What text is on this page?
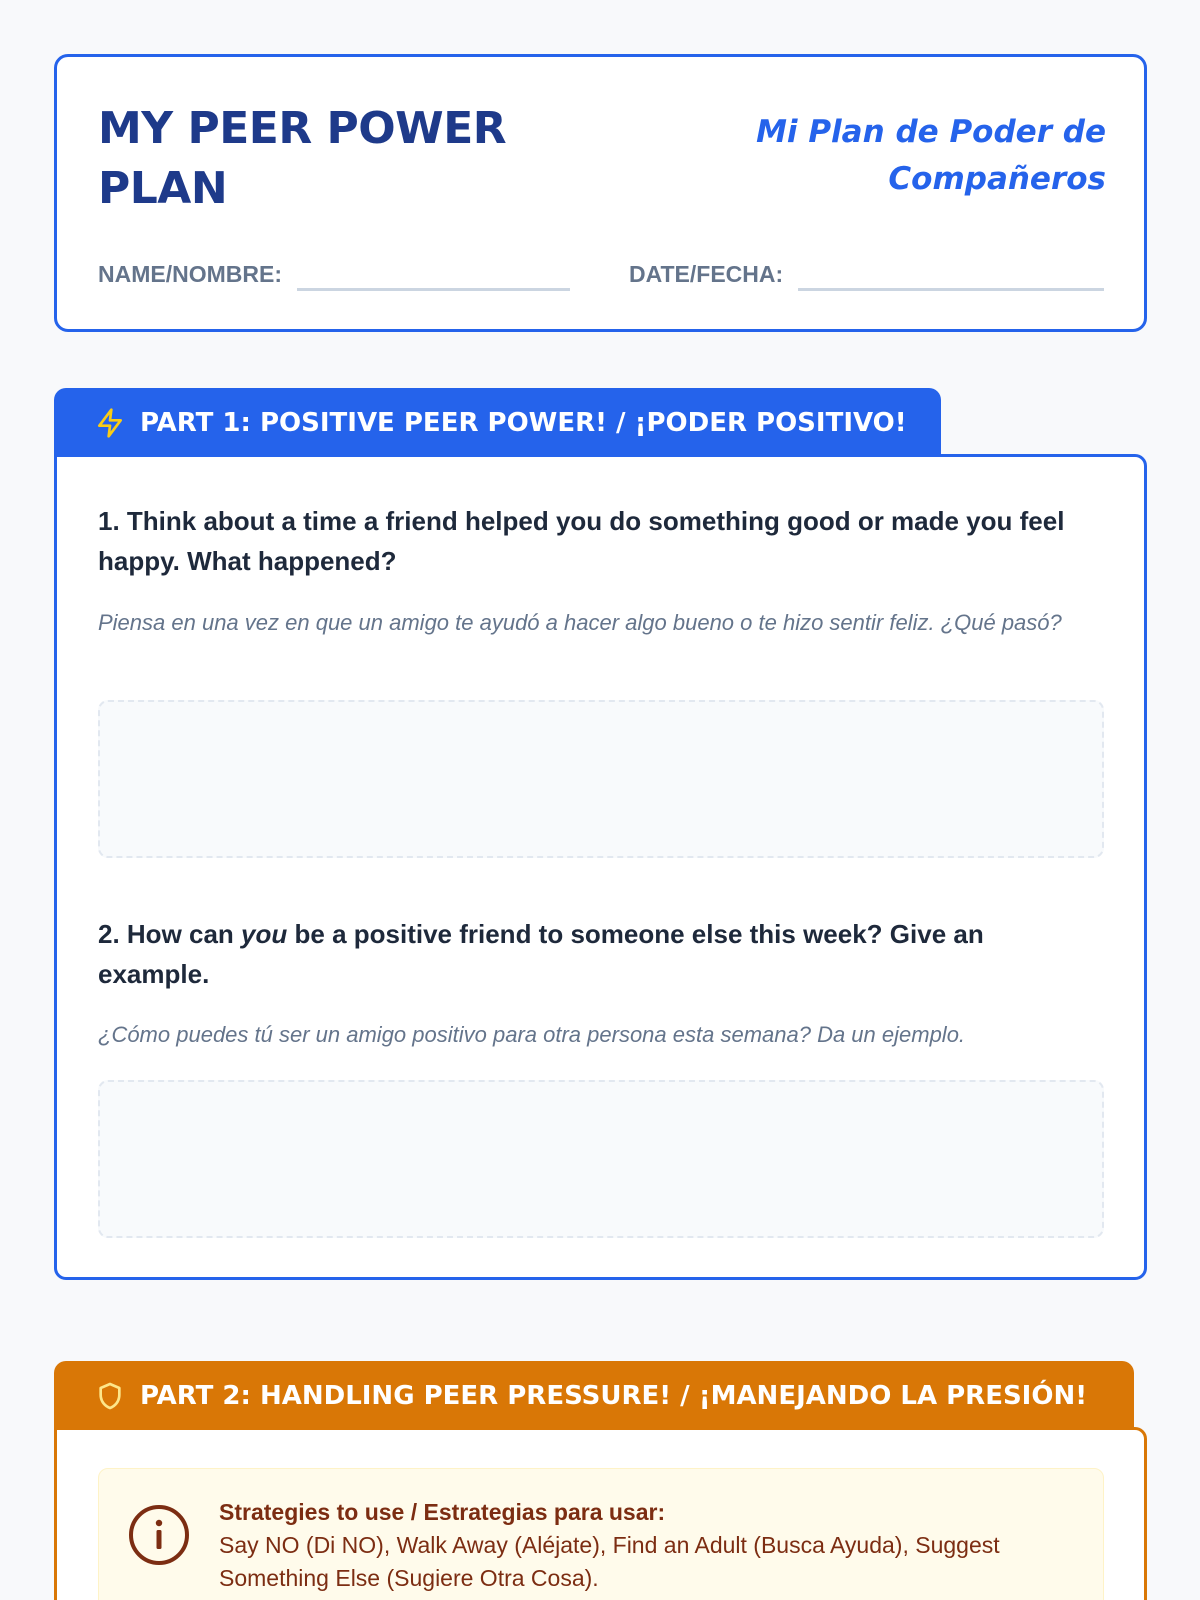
MY PEER POWER PLAN
Mi Plan de Poder de Compañeros
NAME/NOMBRE:	DATE/FECHA:
PART 1: POSITIVE PEER POWER! / ¡PODER POSITIVO!
1. Think about a time a friend helped you do something good or made you feel happy. What happened?
Piensa en una vez en que un amigo te ayudó a hacer algo bueno o te hizo sentir feliz. ¿Qué pasó?
2. How can you be a positive friend to someone else this week? Give an example.
¿Cómo puedes tú ser un amigo positivo para otra persona esta semana? Da un ejemplo.
PART 2: HANDLING PEER PRESSURE! / ¡MANEJANDO LA PRESIÓN!
Strategies to use / Estrategias para usar:
Say NO (Di NO), Walk Away (Aléjate), Find an Adult (Busca Ayuda), Suggest Something Else (Sugiere Otra Cosa).
